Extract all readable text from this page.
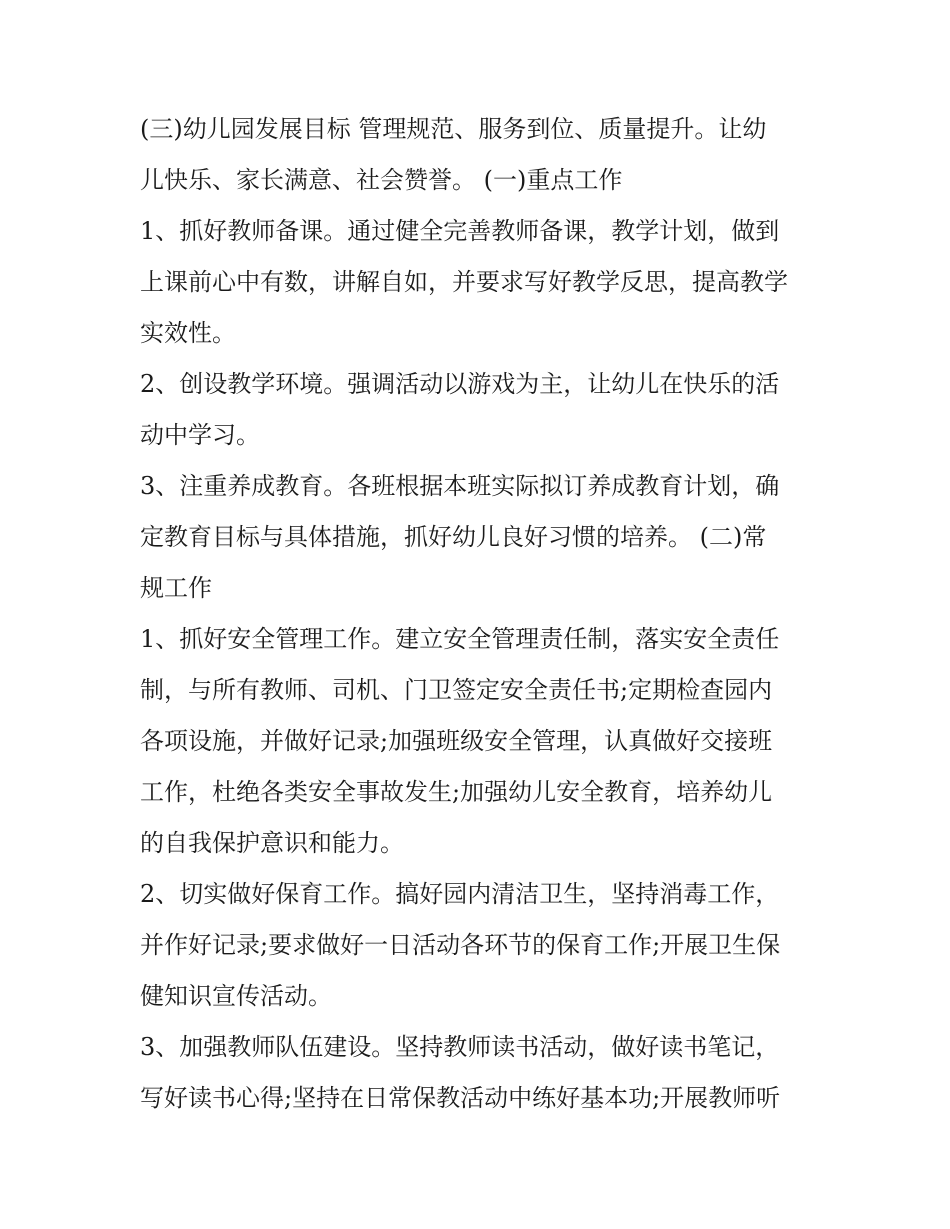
(三)幼儿园发展目标 管理规范、服务到位、质量提升。让幼
儿快乐、家长满意、社会赞誉。 (一)重点工作

1、抓好教师备课。通过健全完善教师备课，教学计划，做到
上课前心中有数，讲解自如，并要求写好教学反思，提高教学
实效性。

2、创设教学环境。强调活动以游戏为主，让幼儿在快乐的活
动中学习。

3、注重养成教育。各班根据本班实际拟订养成教育计划，确
定教育目标与具体措施，抓好幼儿良好习惯的培养。 (二)常
规工作

1、抓好安全管理工作。建立安全管理责任制，落实安全责任
制，与所有教师、司机、门卫签定安全责任书;定期检查园内
各项设施，并做好记录;加强班级安全管理，认真做好交接班
工作，杜绝各类安全事故发生;加强幼儿安全教育，培养幼儿
的自我保护意识和能力。

2、切实做好保育工作。搞好园内清洁卫生，坚持消毒工作，
并作好记录;要求做好一日活动各环节的保育工作;开展卫生保
健知识宣传活动。

3、加强教师队伍建设。坚持教师读书活动，做好读书笔记，
写好读书心得;坚持在日常保教活动中练好基本功;开展教师听
